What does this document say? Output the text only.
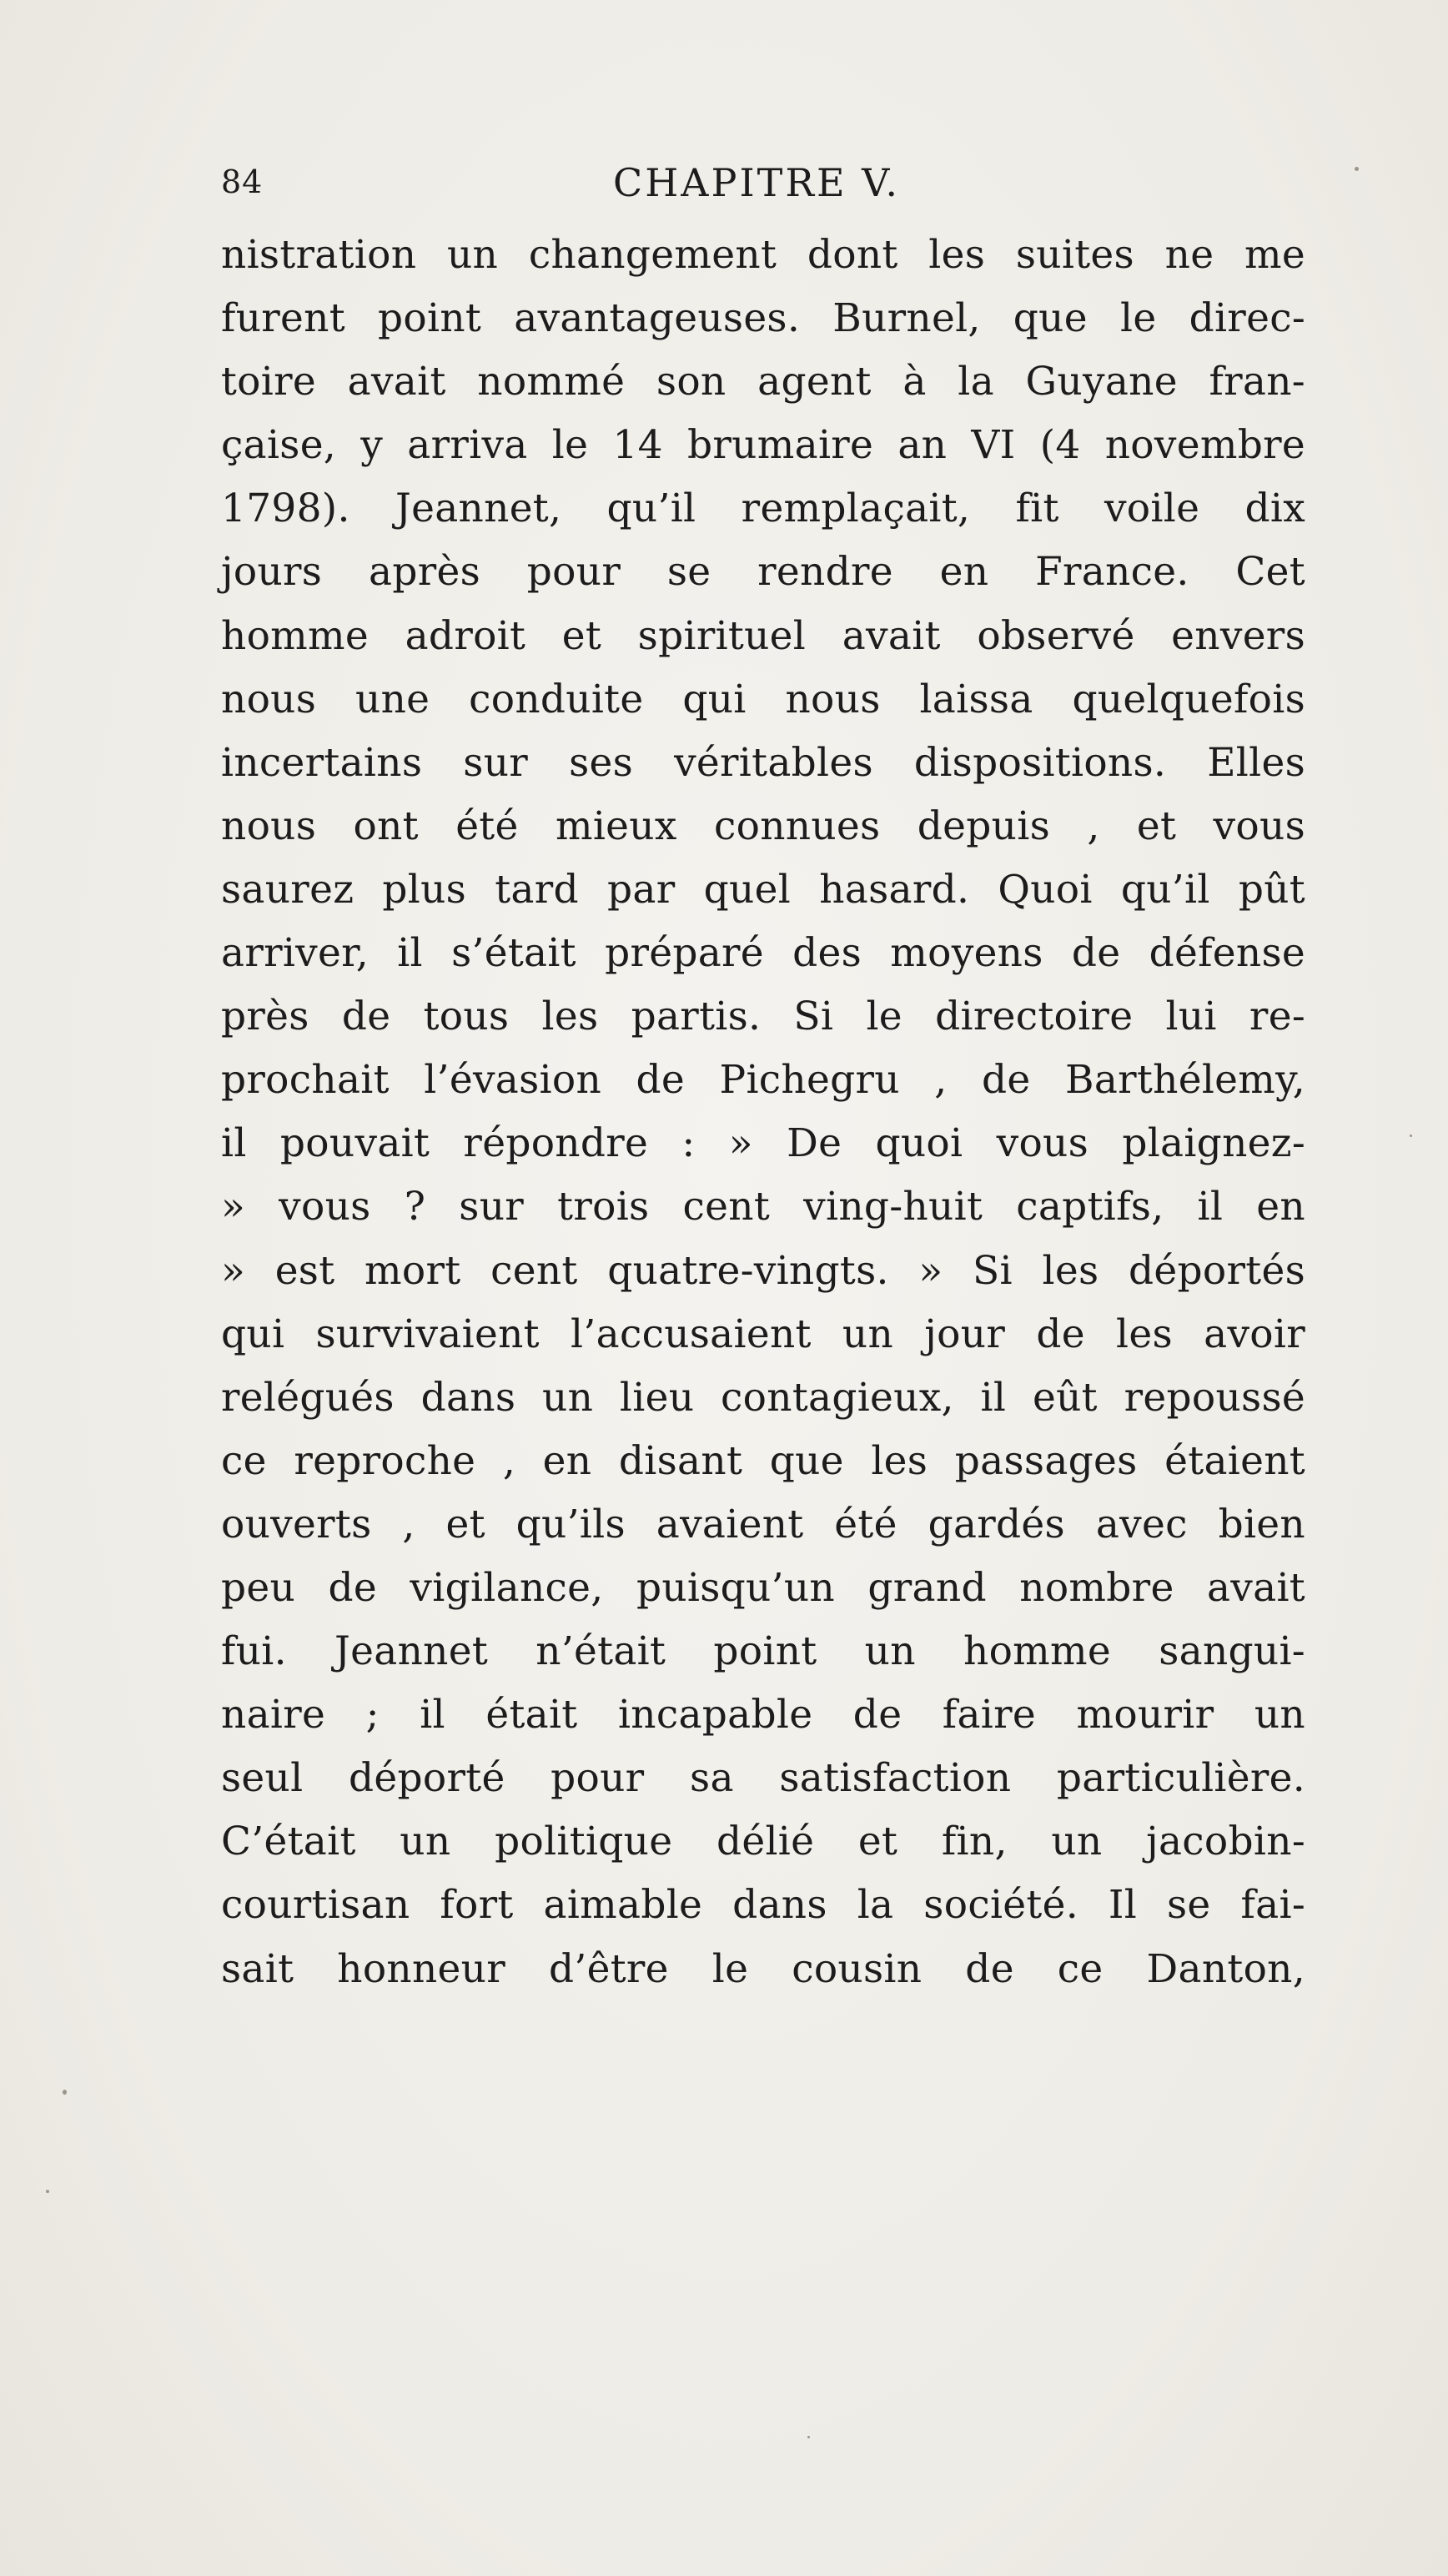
84	CHAPITRE V.
nistration un changement dont les suites ne me
furent point avantageuses. Burnel, que le direc-
toire avait nommé son agent à la Guyane fran-
çaise, y arriva le 14 brumaire an VI (4 novembre
1798). Jeannet, qu’il remplaçait, fit voile dix
jours après pour se rendre en France. Cet
homme adroit et spirituel avait observé envers
nous une conduite qui nous laissa quelquefois
incertains sur ses véritables dispositions. Elles
nous ont été mieux connues depuis , et vous
saurez plus tard par quel hasard. Quoi qu’il pût
arriver, il s’était préparé des moyens de défense
près de tous les partis. Si le directoire lui re-
prochait l’évasion de Pichegru , de Barthélemy,
il pouvait répondre : » De quoi vous plaignez-
» vous ? sur trois cent ving-huit captifs, il en
» est mort cent quatre-vingts. » Si les déportés
qui survivaient l’accusaient un jour de les avoir
relégués dans un lieu contagieux, il eût repoussé
ce reproche , en disant que les passages étaient
ouverts , et qu’ils avaient été gardés avec bien
peu de vigilance, puisqu’un grand nombre avait
fui. Jeannet n’était point un homme sangui-
naire ; il était incapable de faire mourir un
seul déporté pour sa satisfaction particulière.
C’était un politique délié et fin, un jacobin-
courtisan fort aimable dans la société. Il se fai-
sait honneur d’être le cousin de ce Danton,
